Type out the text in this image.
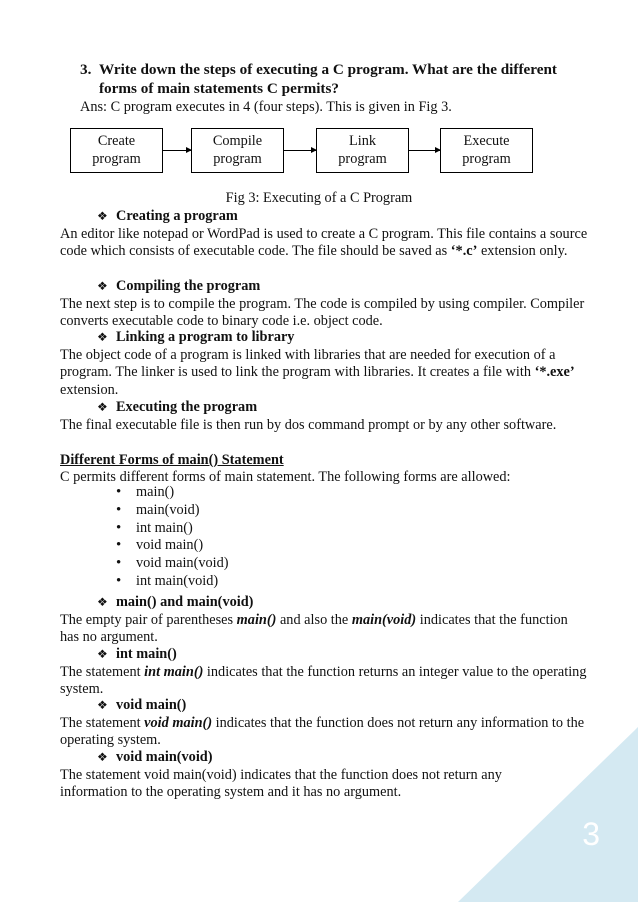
3
3. Write down the steps of executing a C program. What are the different forms of main statements C permits?
Ans: C program executes in 4 (four steps). This is given in Fig 3.
Create
program
Compile
program
Link
program
Execute
program
Fig 3: Executing of a C Program
❖ Creating a program
An editor like notepad or WordPad is used to create a C program. This file contains a source code which consists of executable code. The file should be saved as ‘*.c’ extension only.
❖ Compiling the program
The next step is to compile the program. The code is compiled by using compiler. Compiler converts executable code to binary code i.e. object code.
❖ Linking a program to library
The object code of a program is linked with libraries that are needed for execution of a program. The linker is used to link the program with libraries. It creates a file with ‘*.exe’ extension.
❖ Executing the program
The final executable file is then run by dos command prompt or by any other software.
Different Forms of main() Statement
C permits different forms of main statement. The following forms are allowed:
• main()
• main(void)
• int main()
• void main()
• void main(void)
• int main(void)
❖ main() and main(void)
The empty pair of parentheses main() and also the main(void) indicates that the function has no argument.
❖ int main()
The statement int main() indicates that the function returns an integer value to the operating system.
❖ void main()
The statement void main() indicates that the function does not return any information to the operating system.
❖ void main(void)
The statement void main(void) indicates that the function does not return any information to the operating system and it has no argument.
